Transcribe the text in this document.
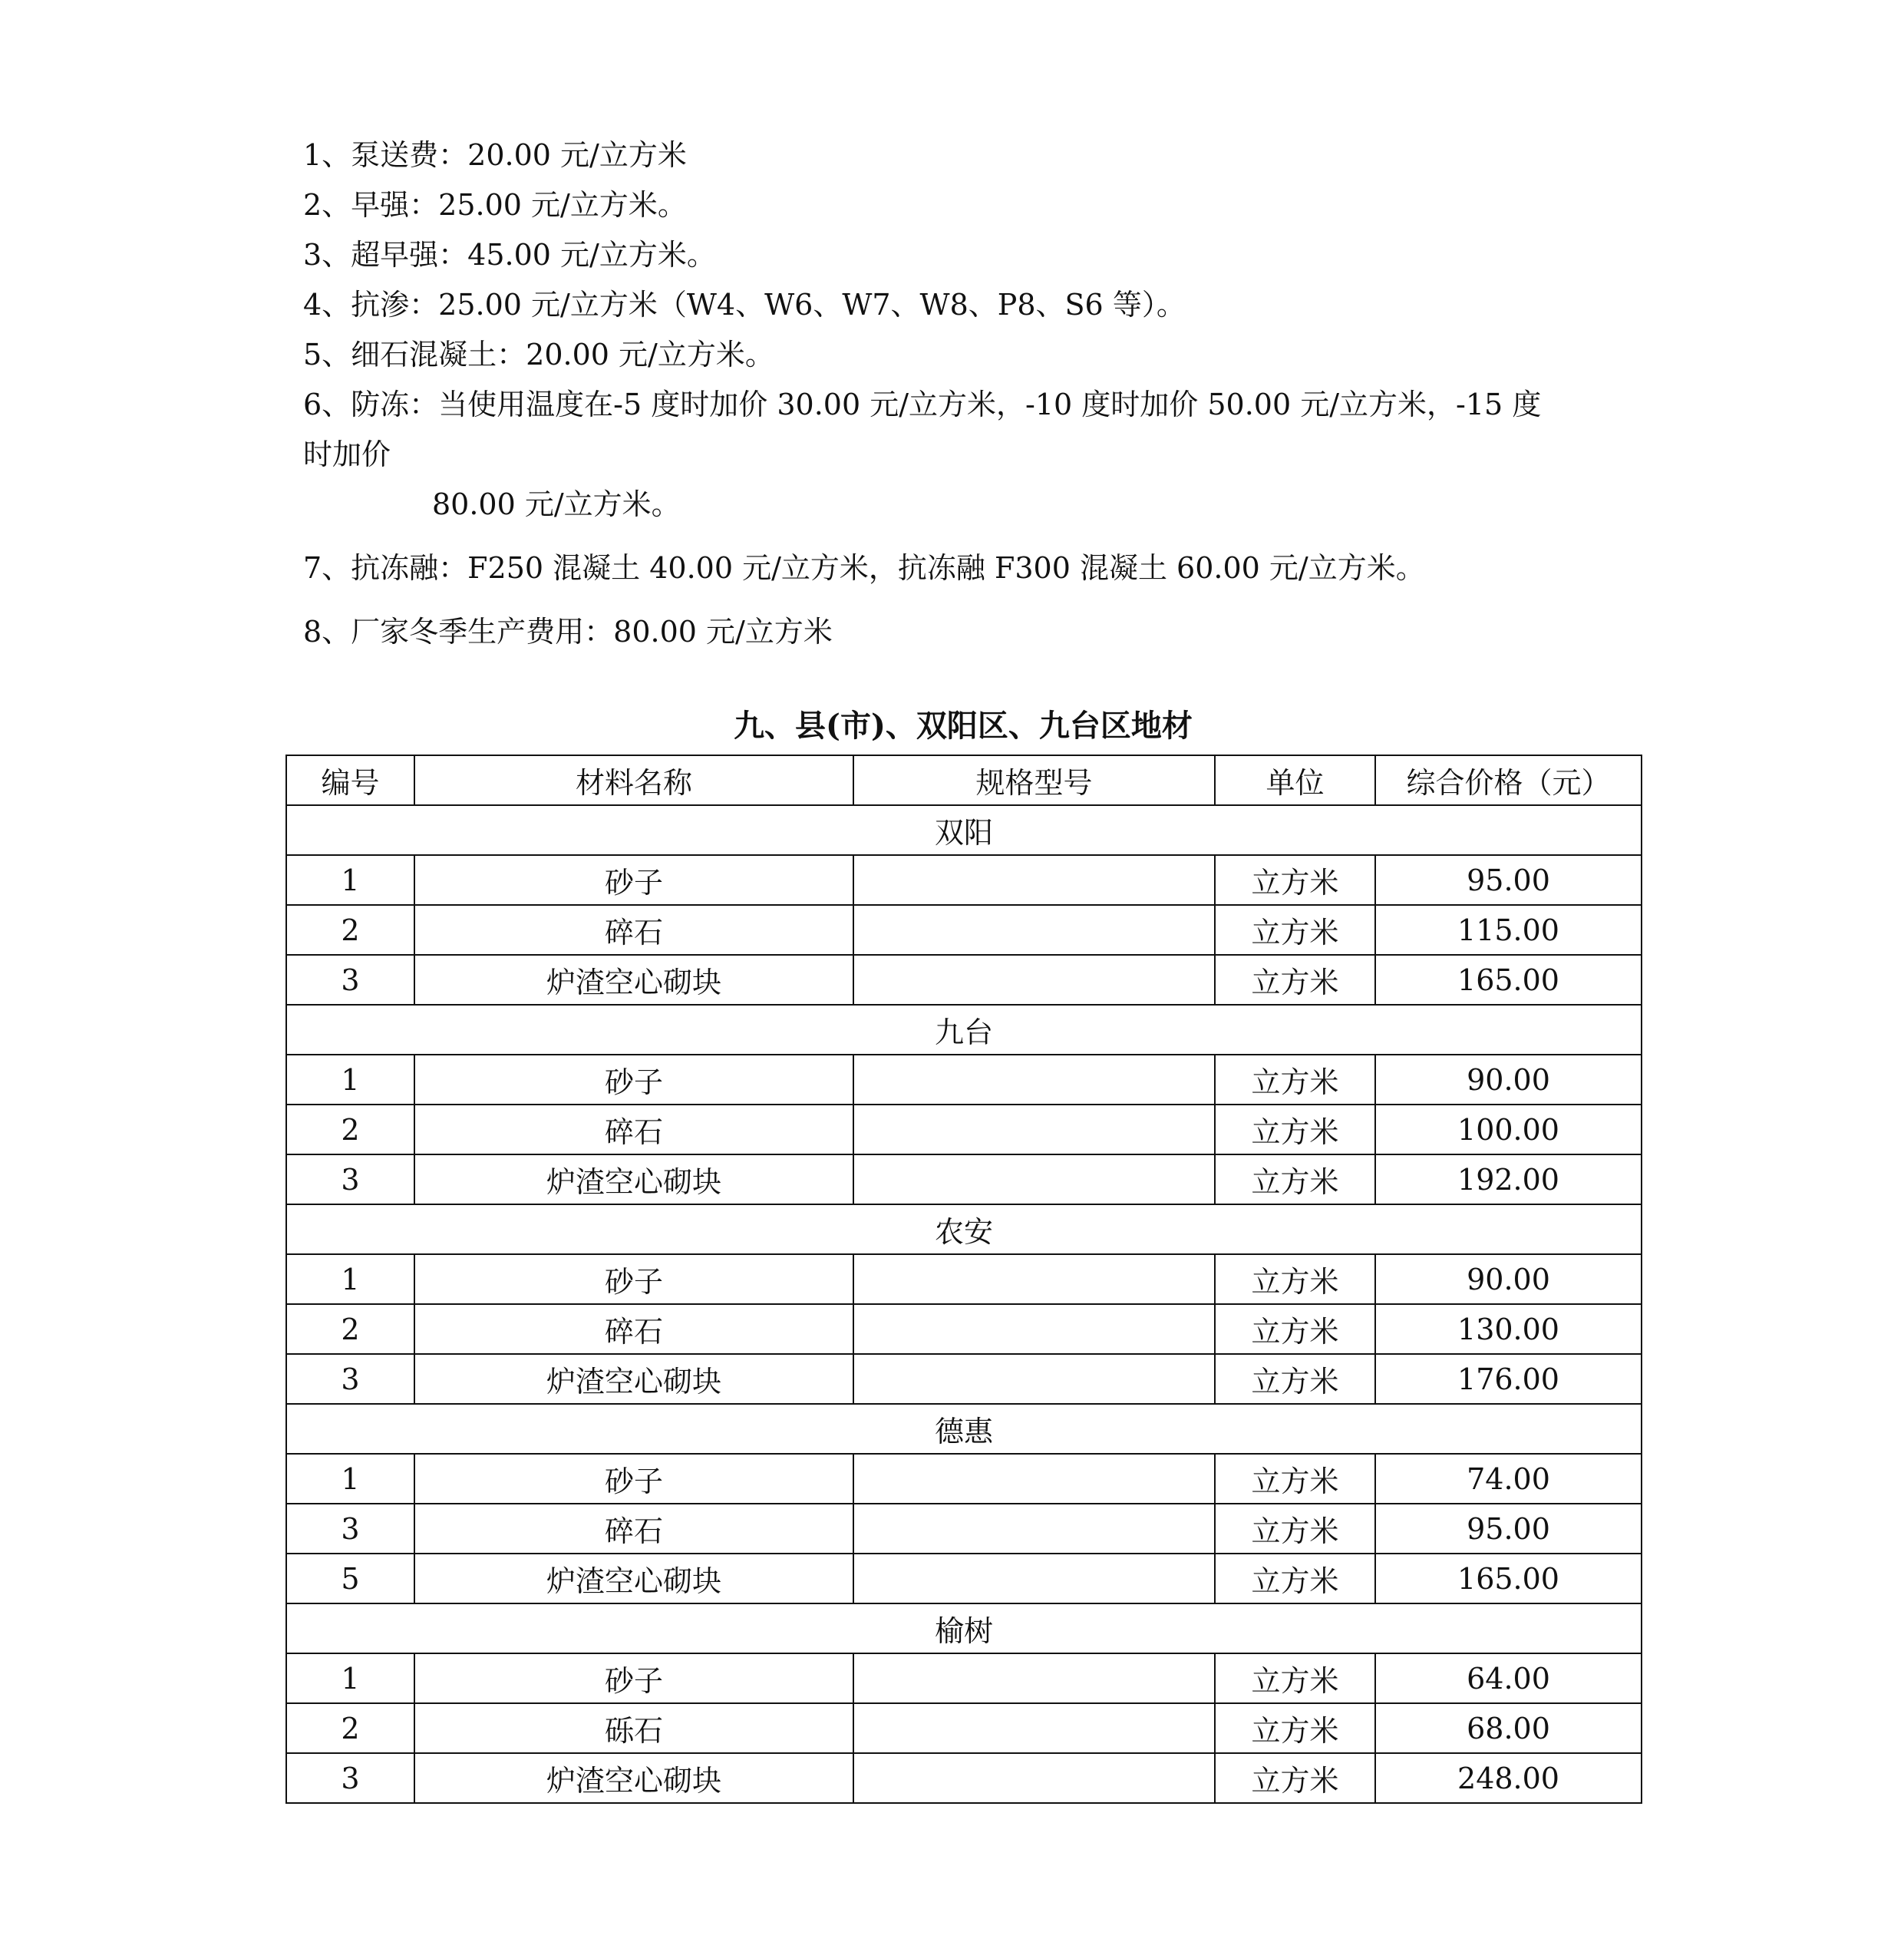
1、泵送费：20.00 元/立方米
2、早强：25.00 元/立方米。
3、超早强：45.00 元/立方米。
4、抗渗：25.00 元/立方米（W4、W6、W7、W8、P8、S6 等）。
5、细石混凝土：20.00 元/立方米。
6、防冻：当使用温度在-5 度时加价 30.00 元/立方米，-10 度时加价 50.00 元/立方米，-15 度
时加价
80.00 元/立方米。
7、抗冻融：F250 混凝土 40.00 元/立方米，抗冻融 F300 混凝土 60.00 元/立方米。
8、厂家冬季生产费用：80.00 元/立方米
九、县(市)、双阳区、九台区地材
编号	材料名称	规格型号	单位	综合价格（元）
双阳				
1	砂子		立方米	95.00
2	碎石		立方米	115.00
3	炉渣空心砌块		立方米	165.00
九台				
1	砂子		立方米	90.00
2	碎石		立方米	100.00
3	炉渣空心砌块		立方米	192.00
农安				
1	砂子		立方米	90.00
2	碎石		立方米	130.00
3	炉渣空心砌块		立方米	176.00
德惠				
1	砂子		立方米	74.00
3	碎石		立方米	95.00
5	炉渣空心砌块		立方米	165.00
榆树				
1	砂子		立方米	64.00
2	砾石		立方米	68.00
3	炉渣空心砌块		立方米	248.00
